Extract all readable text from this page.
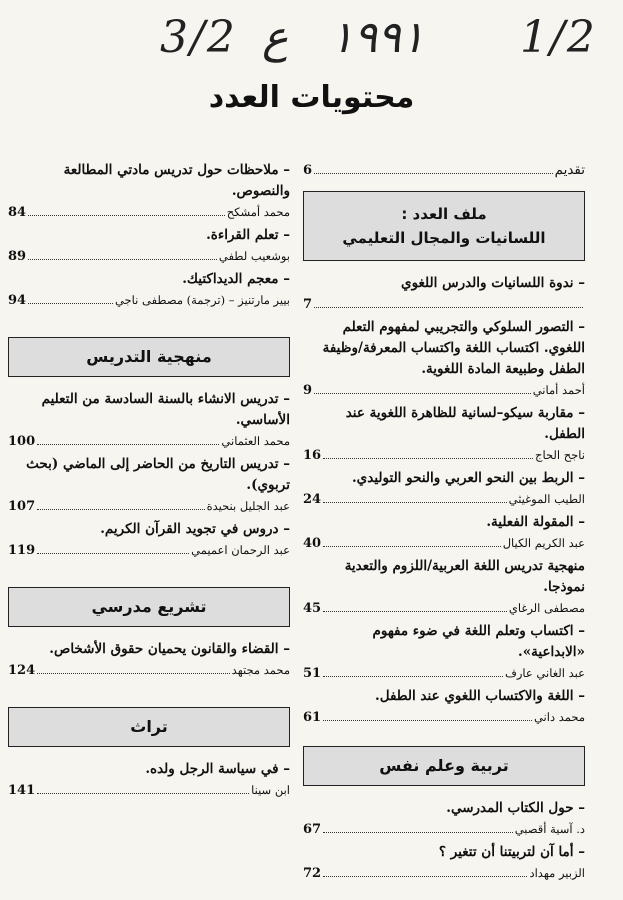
1/2
١٩٩١
ع
3/2
محتويات العدد
تقديم
6
ملف العدد :
اللسانيات والمجال التعليمي
– ندوة اللسانيات والدرس اللغوي
7
– التصور السلوكي والتجريبي لمفهوم التعلم اللغوي. اكتساب اللغة واكتساب المعرفة/وظيفة الطفل وطبيعة المادة اللغوية.
أحمد أماني
9
– مقاربة سيكو–لسانية للظاهرة اللغوية عند الطفل.
ناجح الحاج
16
– الربط بين النحو العربي والنحو التوليدي.
الطيب الموغيثي
24
– المقولة الفعلية.
عبد الكريم الكيال
40
منهجية تدريس اللغة العربية/اللزوم والتعدية نموذجا.
مصطفى الرغاي
45
– اكتساب وتعلم اللغة في ضوء مفهوم «الابداعية».
عبد الغاني عارف
51
– اللغة والاكتساب اللغوي عند الطفل.
محمد داني
61
تربية وعلم نفس
– حول الكتاب المدرسي.
د. آسية أقصبي
67
– أما آن لتربيتنا أن تتغير ؟
الزبير مهداد
72
– ملاحظات حول تدريس مادتي المطالعة والنصوص.
محمد أمشكح
84
– تعلم القراءة.
بوشعيب لطفي
89
– معجم الديداكتيك.
بيير مارتنيز – (ترجمة) مصطفى ناجي
94
منهجية التدريس
– تدريس الانشاء بالسنة السادسة من التعليم الأساسي.
محمد العثماني
100
– تدريس التاريخ من الحاضر إلى الماضي (بحث تربوي).
عبد الجليل بنحيدة
107
– دروس في تجويد القرآن الكريم.
عبد الرحمان اعميمي
119
تشريع مدرسي
– القضاء والقانون يحميان حقوق الأشخاص.
محمد مجتهد
124
تراث
– في سياسة الرجل ولده.
ابن سينا
141
